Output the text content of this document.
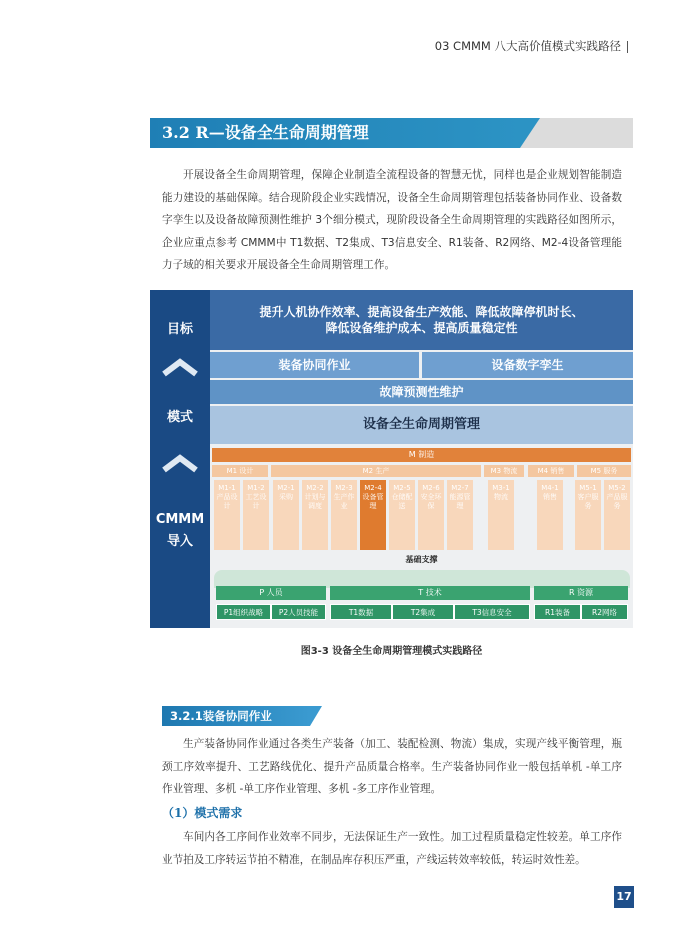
03 CMMM 八大高价值模式实践路径
3.2 R—设备全生命周期管理
开展设备全生命周期管理，保障企业制造全流程设备的智慧无忧，同样也是企业规划智能制造能力建设的基础保障。结合现阶段企业实践情况，设备全生命周期管理包括装备协同作业、设备数字孪生以及设备故障预测性维护 3个细分模式，现阶段设备全生命周期管理的实践路径如图所示，企业应重点参考 CMMM中 T1数据、T2集成、T3信息安全、R1装备、R2网络、M2-4设备管理能力子域的相关要求开展设备全生命周期管理工作。
目标
模式
CMMM
导入
提升人机协作效率、提高设备生产效能、降低故障停机时长、
降低设备维护成本、提高质量稳定性
装备协同作业	设备数字孪生
故障预测性维护
设备全生命周期管理
M 制造
M1 设计	M2 生产	M3 物流	M4 销售	M5 服务
M1-1 产品设计
M1-2 工艺设计
M2-1 采购
M2-2 计划与调度
M2-3 生产作业
M2-4 设备管理
M2-5 仓储配送
M2-6 安全环保
M2-7 能源管理
M3-1 物流
M4-1 销售
M5-1 客户服务
M5-2 产品服务
基础支撑
P 人员	T 技术	R 资源
P1组织战略	P2人员技能	T1数据	T2集成	T3信息安全	R1装备	R2网络
图3-3 设备全生命周期管理模式实践路径
3.2.1装备协同作业
生产装备协同作业通过各类生产装备（加工、装配检测、物流）集成，实现产线平衡管理，瓶颈工序效率提升、工艺路线优化、提升产品质量合格率。生产装备协同作业一般包括单机 -单工序作业管理、多机 -单工序作业管理、多机 -多工序作业管理。
（1）模式需求
车间内各工序间作业效率不同步，无法保证生产一致性。加工过程质量稳定性较差。单工序作业节拍及工序转运节拍不精准，在制品库存积压严重，产线运转效率较低，转运时效性差。
17
